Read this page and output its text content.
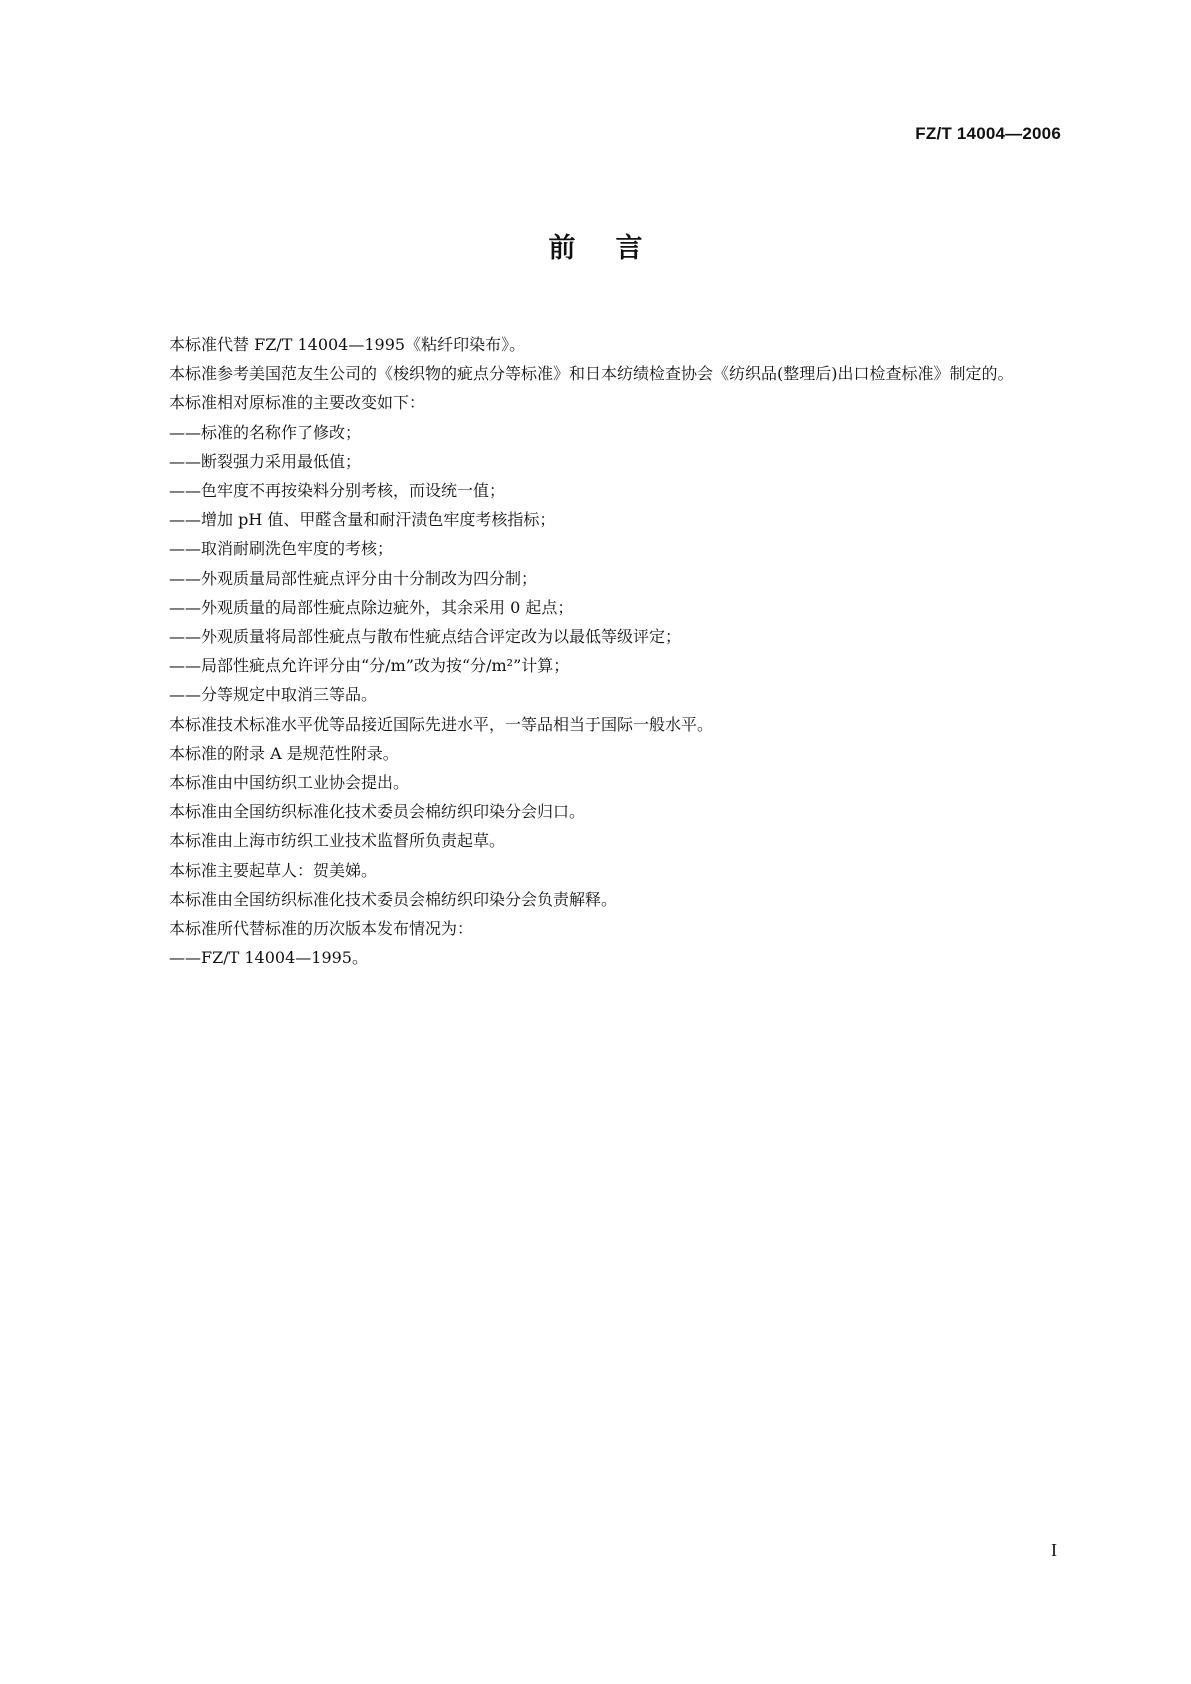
FZ/T 14004—2006
前言

本标准代替 FZ/T 14004—1995《粘纤印染布》。

本标准参考美国范友生公司的《梭织物的疵点分等标准》和日本纺绩检查协会《纺织品(整理后)出口检查标准》制定的。

本标准相对原标准的主要改变如下：

——标准的名称作了修改；

——断裂强力采用最低值；

——色牢度不再按染料分别考核，而设统一值；

——增加 pH 值、甲醛含量和耐汗渍色牢度考核指标；

——取消耐刷洗色牢度的考核；

——外观质量局部性疵点评分由十分制改为四分制；

——外观质量的局部性疵点除边疵外，其余采用 0 起点；

——外观质量将局部性疵点与散布性疵点结合评定改为以最低等级评定；

——局部性疵点允许评分由“分/m”改为按“分/m²”计算；

——分等规定中取消三等品。

本标准技术标准水平优等品接近国际先进水平，一等品相当于国际一般水平。

本标准的附录 A 是规范性附录。

本标准由中国纺织工业协会提出。

本标准由全国纺织标准化技术委员会棉纺织印染分会归口。

本标准由上海市纺织工业技术监督所负责起草。

本标准主要起草人：贺美娣。

本标准由全国纺织标准化技术委员会棉纺织印染分会负责解释。

本标准所代替标准的历次版本发布情况为：

——FZ/T 14004—1995。

I
